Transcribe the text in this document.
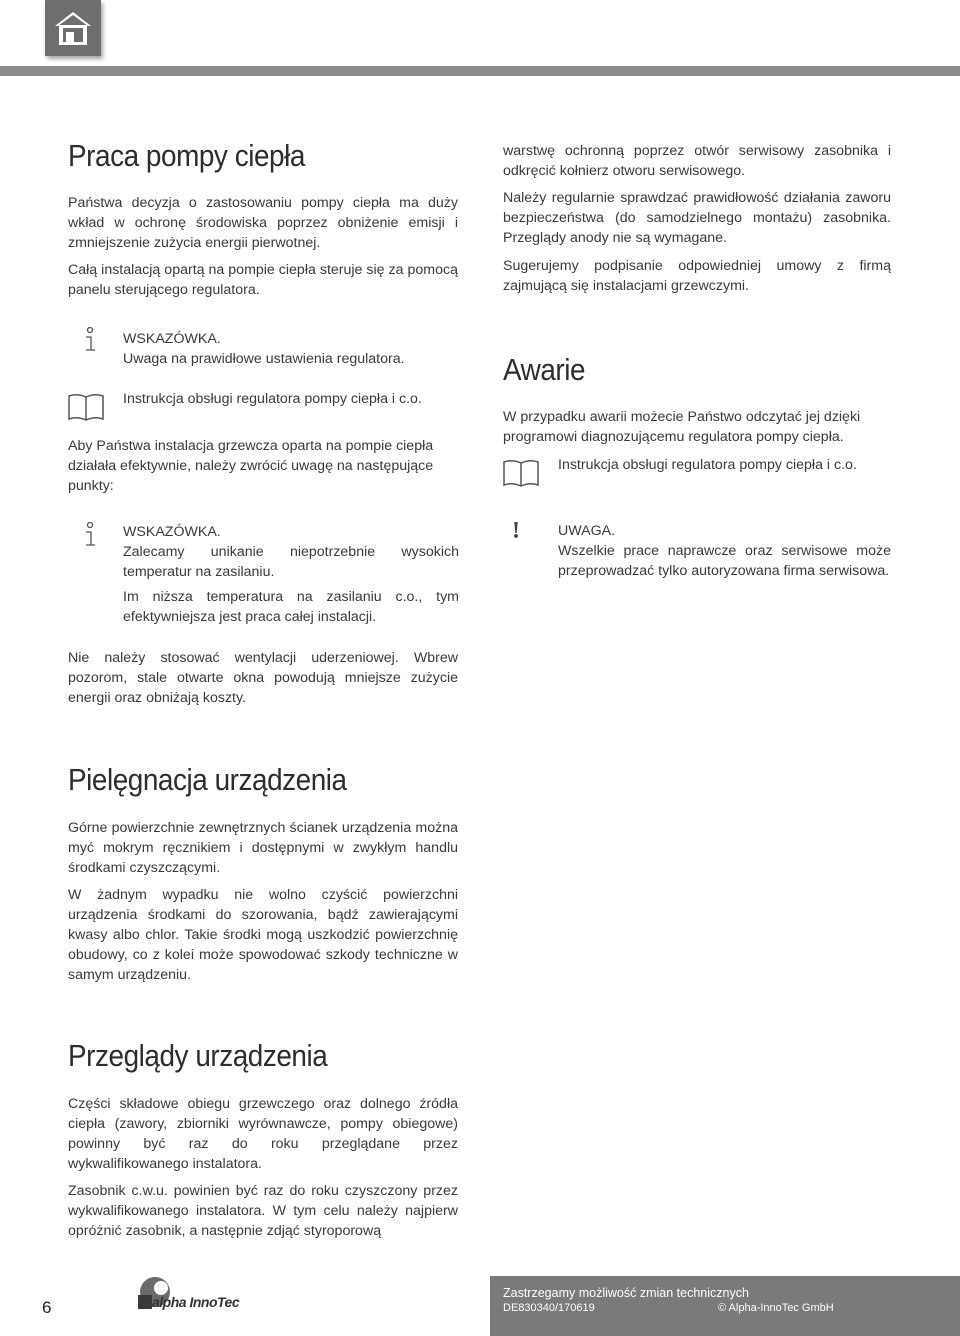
Praca pompy ciepła

Państwa decyzja o zastosowaniu pompy ciepła ma duży wkład w ochronę środowiska poprzez obniżenie emisji i zmniejszenie zużycia energii pierwotnej.

Całą instalacją opartą na pompie ciepła steruje się za pomocą panelu sterującego regulatora.

WSKAZÓWKA.
Uwaga na prawidłowe ustawienia regulatora.
Instrukcja obsługi regulatora pompy ciepła i c.o.

Aby Państwa instalacja grzewcza oparta na pompie ciepła działała efektywnie, należy zwrócić uwagę na następujące punkty:

WSKAZÓWKA.
Zalecamy unikanie niepotrzebnie wysokich temperatur na zasilaniu.
Im niższa temperatura na zasilaniu c.o., tym efektywniejsza jest praca całej instalacji.

Nie należy stosować wentylacji uderzeniowej. Wbrew pozorom, stale otwarte okna powodują mniejsze zużycie energii oraz obniżają koszty.

Pielęgnacja urządzenia

Górne powierzchnie zewnętrznych ścianek urządzenia można myć mokrym ręcznikiem i dostępnymi w zwykłym handlu środkami czyszczącymi.

W żadnym wypadku nie wolno czyścić powierzchni urządzenia środkami do szorowania, bądź zawierającymi kwasy albo chlor. Takie środki mogą uszkodzić powierzchnię obudowy, co z kolei może spowodować szkody techniczne w samym urządzeniu.

Przeglądy urządzenia

Części składowe obiegu grzewczego oraz dolnego źródła ciepła (zawory, zbiorniki wyrównawcze, pompy obiegowe) powinny być raz do roku przeglądane przez wykwalifikowanego instalatora.

Zasobnik c.w.u. powinien być raz do roku czyszczony przez wykwalifikowanego instalatora. W tym celu należy najpierw opróżnić zasobnik, a następnie zdjąć styroporową

warstwę ochronną poprzez otwór serwisowy zasobnika i odkręcić kołnierz otworu serwisowego.

Należy regularnie sprawdzać prawidłowość działania zaworu bezpieczeństwa (do samodzielnego montażu) zasobnika. Przeglądy anody nie są wymagane.

Sugerujemy podpisanie odpowiedniej umowy z firmą zajmującą się instalacjami grzewczymi.

Awarie

W przypadku awarii możecie Państwo odczytać jej dzięki programowi diagnozującemu regulatora pompy ciepła.

Instrukcja obsługi regulatora pompy ciepła i c.o.
!	UWAGA.
Wszelkie prace naprawcze oraz serwisowe może przeprowadzać tylko autoryzowana firma serwisowa.
6	alpha InnoTec
Zastrzegamy możliwość zmian technicznych
DE830340/170619	© Alpha-InnoTec GmbH
